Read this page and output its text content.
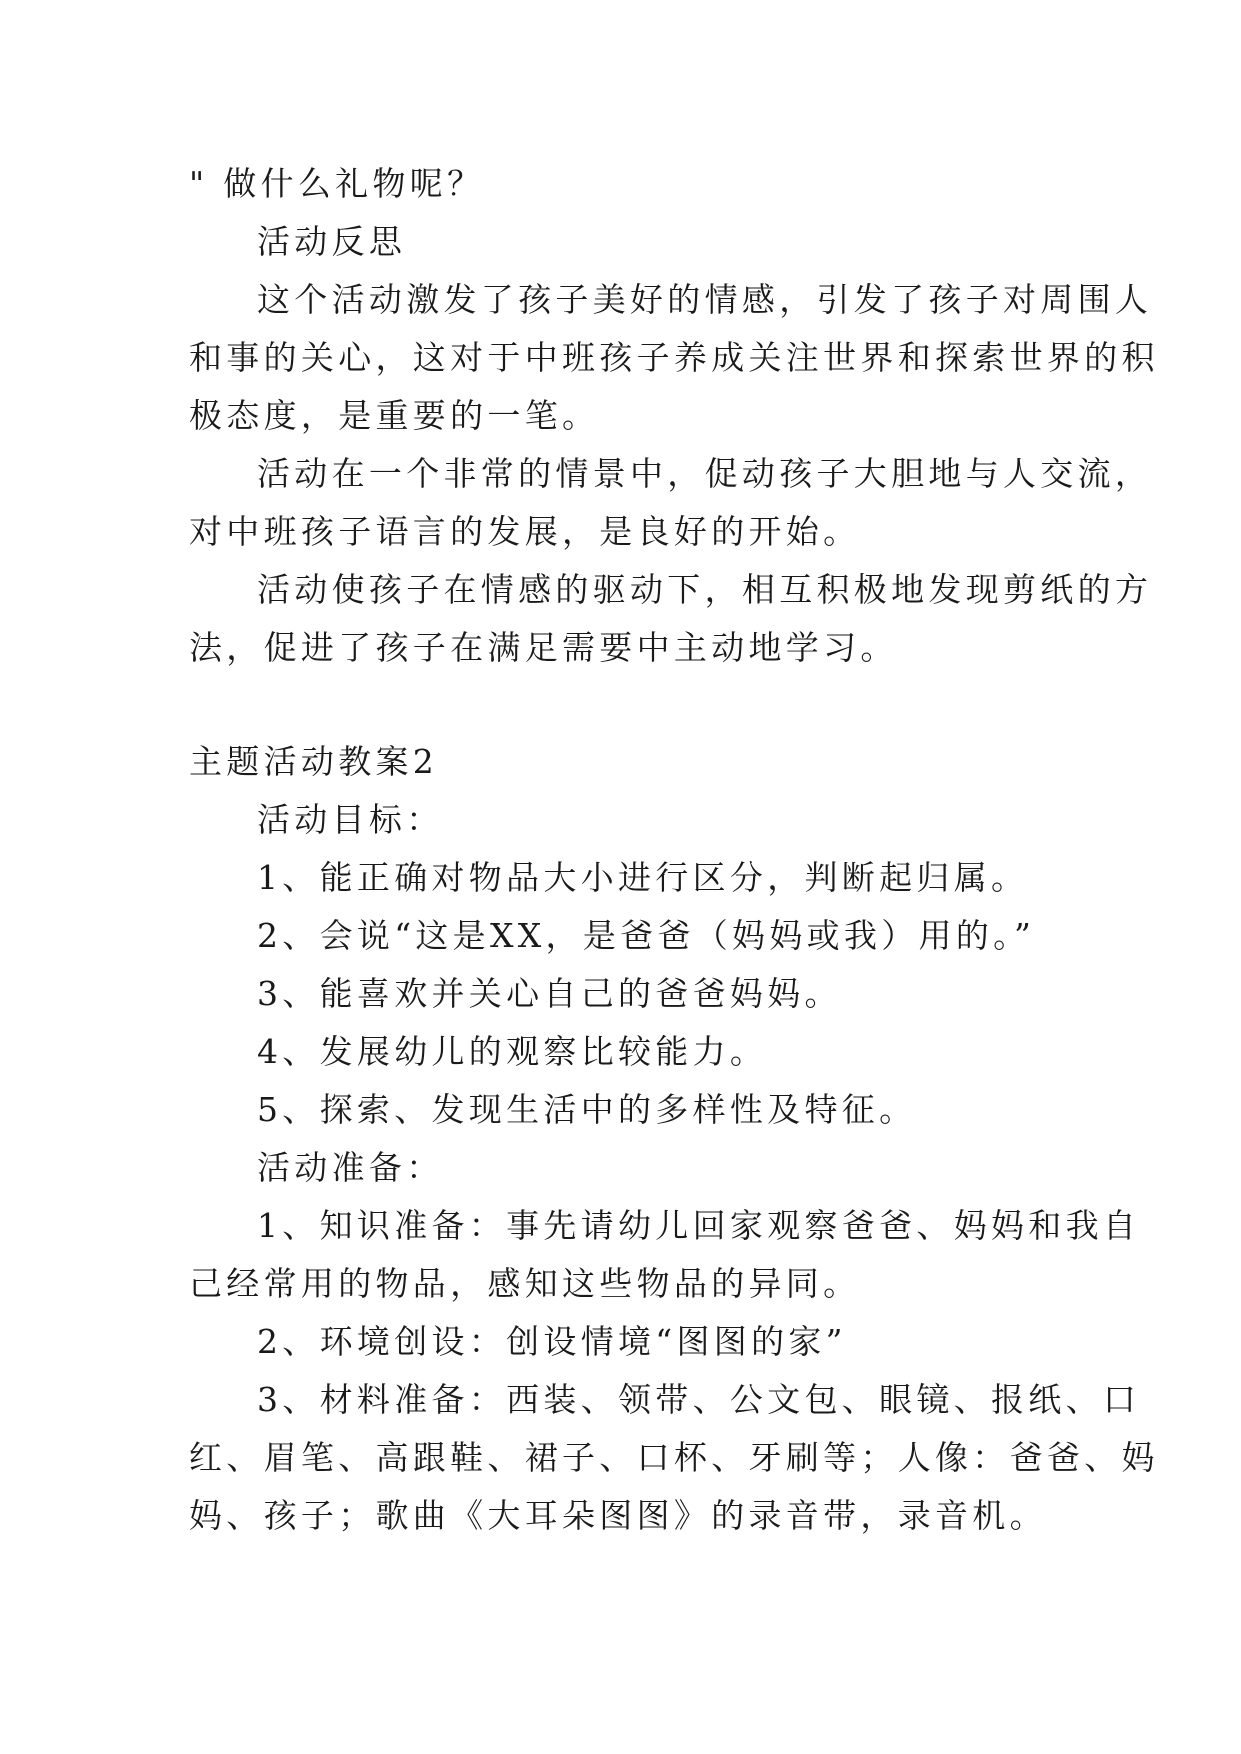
" 做什么礼物呢？

活动反思

这个活动激发了孩子美好的情感，引发了孩子对周围人

和事的关心，这对于中班孩子养成关注世界和探索世界的积

极态度，是重要的一笔。

活动在一个非常的情景中，促动孩子大胆地与人交流，

对中班孩子语言的发展，是良好的开始。

活动使孩子在情感的驱动下，相互积极地发现剪纸的方

法，促进了孩子在满足需要中主动地学习。

主题活动教案2

活动目标：

1、能正确对物品大小进行区分，判断起归属。

2、会说“这是XX，是爸爸（妈妈或我）用的。”

3、能喜欢并关心自己的爸爸妈妈。

4、发展幼儿的观察比较能力。

5、探索、发现生活中的多样性及特征。

活动准备：

1、知识准备：事先请幼儿回家观察爸爸、妈妈和我自

己经常用的物品，感知这些物品的异同。

2、环境创设：创设情境“图图的家”

3、材料准备：西装、领带、公文包、眼镜、报纸、口

红、眉笔、高跟鞋、裙子、口杯、牙刷等；人像：爸爸、妈

妈、孩子；歌曲《大耳朵图图》的录音带，录音机。
